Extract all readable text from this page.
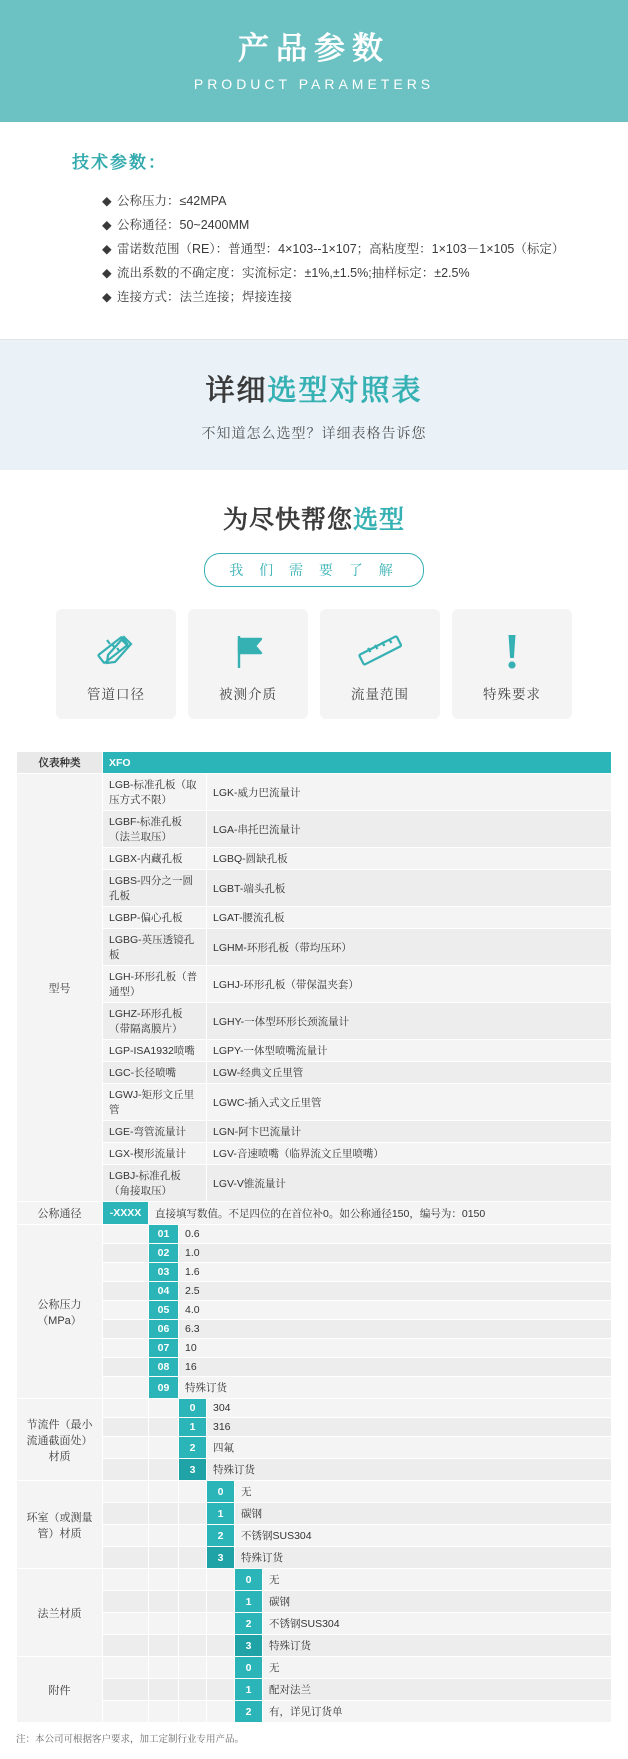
产品参数
PRODUCT PARAMETERS
技术参数：
◆ 公称压力：≤42MPA
◆ 公称通径：50~2400MM
◆ 雷诺数范围（RE）：普通型：4×103--1×107；高粘度型：1×103－1×105（标定）
◆ 流出系数的不确定度：实流标定：±1%,±1.5%;抽样标定：±2.5%
◆ 连接方式：法兰连接；焊接连接
详细选型对照表
不知道怎么选型？详细表格告诉您
为尽快帮您选型
我 们 需 要 了 解
管道口径	被测介质	流量范围	特殊要求
仪表种类	XFO					
型号	LGB-标准孔板（取压方式不限）			LGK-威力巴流量计		
	LGBF-标准孔板（法兰取压）			LGA-串托巴流量计		
	LGBX-内藏孔板			LGBQ-圆缺孔板		
	LGBS-四分之一圆孔板			LGBT-端头孔板		
	LGBP-偏心孔板			LGAT-腰流孔板		
	LGBG-英压透镜孔板			LGHM-环形孔板（带均压环）		
	LGH-环形孔板（普通型）			LGHJ-环形孔板（带保温夹套）		
	LGHZ-环形孔板（带隔离膜片）			LGHY-一体型环形长颈流量计		
	LGP-ISA1932喷嘴			LGPY-一体型喷嘴流量计		
	LGC-长径喷嘴			LGW-经典文丘里管		
	LGWJ-矩形文丘里管			LGWC-插入式文丘里管		
	LGE-弯管流量计			LGN-阿卞巴流量计		
	LGX-楔形流量计			LGV-音速喷嘴（临界流文丘里喷嘴）		
	LGBJ-标准孔板（角接取压）			LGV-V锥流量计		
公称通径	-XXXX	直接填写数值。不足四位的在首位补0。如公称通径150，编号为：0150				
公称压力（MPa）		01	0.6			
		02	1.0			
		03	1.6			
		04	2.5			
		05	4.0			
		06	6.3			
		07	10			
		08	16			
		09	特殊订货			
节流件（最小流通截面处）材质			0	304		
			1	316		
			2	四氟		
			3	特殊订货		
环室（或测量管）材质				0	无	
				1	碳钢	
				2	不锈钢SUS304	
				3	特殊订货	
法兰材质					0	无
					1	碳钢
					2	不锈钢SUS304
					3	特殊订货
附件					0	无
					1	配对法兰
					2	有，详见订货单
注：本公司可根据客户要求，加工定制行业专用产品。
